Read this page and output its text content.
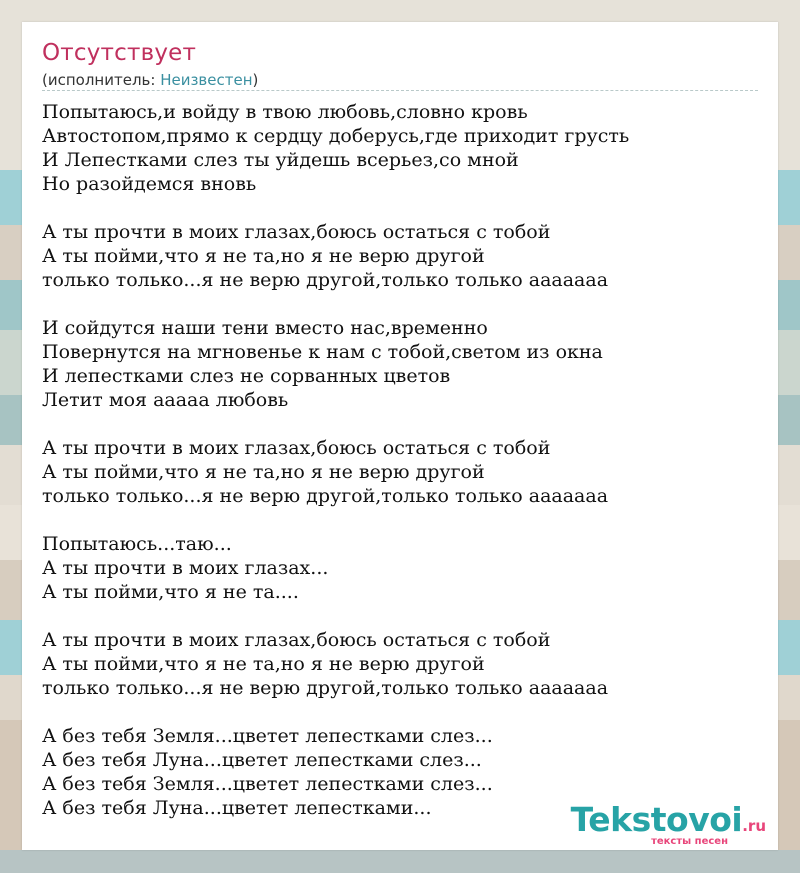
Отсутствует
(исполнитель: Неизвестен)
Попытаюсь,и войду в твою любовь,словно кровь
Автостопом,прямо к сердцу доберусь,где приходит грусть
И Лепестками слез ты уйдешь всерьез,со мной
Но разойдемся вновь
А ты прочти в моих глазах,боюсь остаться с тобой
А ты пойми,что я не та,но я не верю другой
только только...я не верю другой,только только ааааааа
И сойдутся наши тени вместо нас,временно
Повернутся на мгновенье к нам с тобой,светом из окна
И лепестками слез не сорванных цветов
Летит моя ааааа любовь
А ты прочти в моих глазах,боюсь остаться с тобой
А ты пойми,что я не та,но я не верю другой
только только...я не верю другой,только только ааааааа
Попытаюсь...таю...
А ты прочти в моих глазах...
А ты пойми,что я не та....
А ты прочти в моих глазах,боюсь остаться с тобой
А ты пойми,что я не та,но я не верю другой
только только...я не верю другой,только только ааааааа
А без тебя Земля...цветет лепестками слез...
А без тебя Луна...цветет лепестками слез...
А без тебя Земля...цветет лепестками слез...
А без тебя Луна...цветет лепестками...	Tekstovoi.ru
тексты песен
